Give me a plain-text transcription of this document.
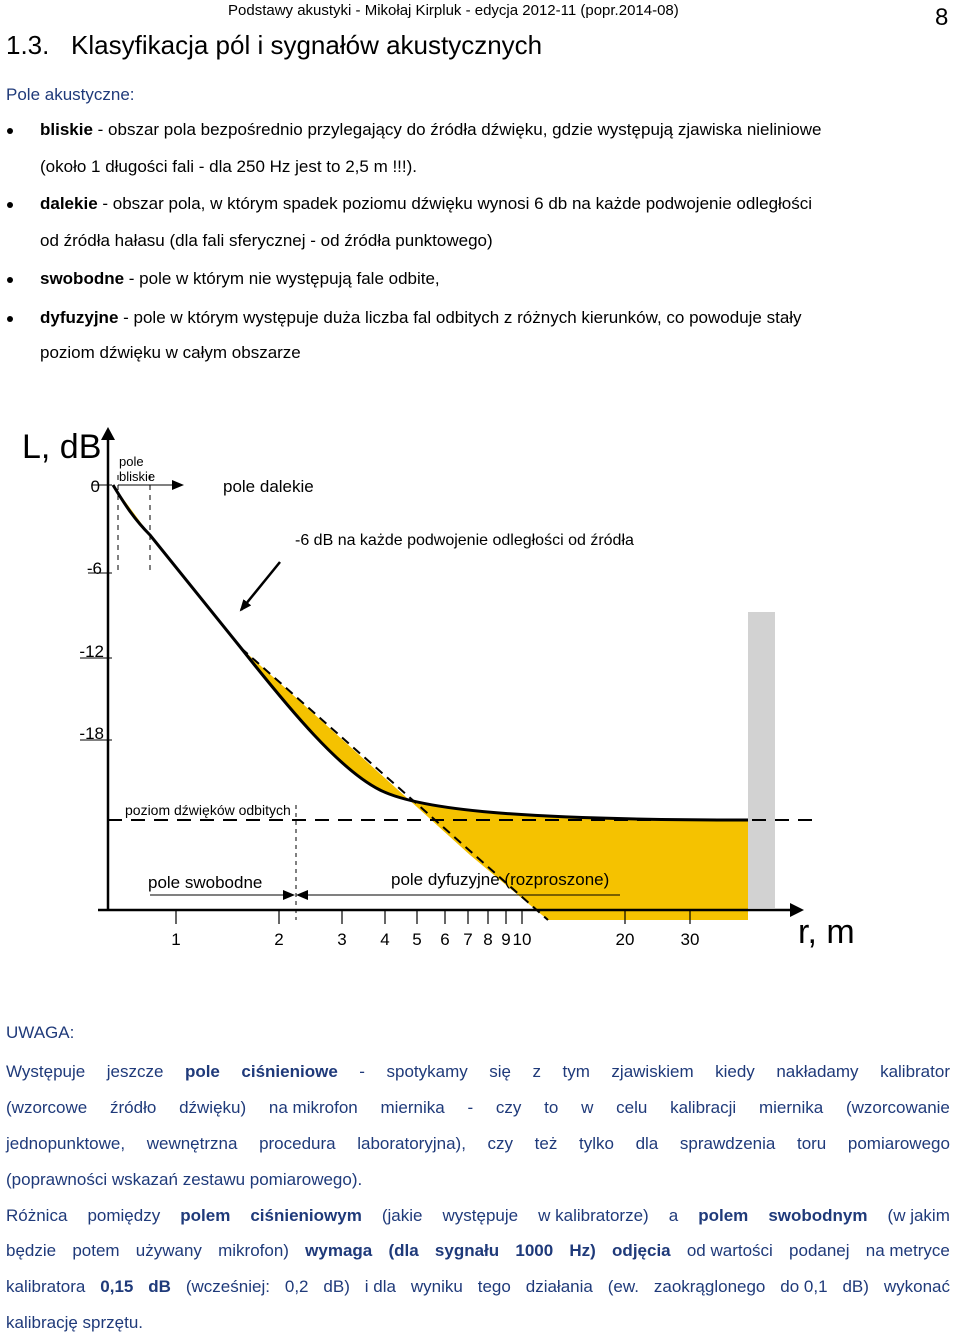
Podstawy akustyki - Mikołaj Kirpluk - edycja 2012-11 (popr.2014-08)	8
1.3. Klasyfikacja pól i sygnałów akustycznych
Pole akustyczne:
bliskie - obszar pola bezpośrednio przylegający do źródła dźwięku, gdzie występują zjawiska nieliniowe
(około 1 długości fali - dla 250 Hz jest to 2,5 m !!!).
dalekie - obszar pola, w którym spadek poziomu dźwięku wynosi 6 db na każde podwojenie odległości
od źródła hałasu (dla fali sferycznej - od źródła punktowego)
swobodne - pole w którym nie występują fale odbite,
dyfuzyjne - pole w którym występuje duża liczba fal odbitych z różnych kierunków, co powoduje stały
poziom dźwięku w całym obszarze
L, dB
r, m
0
-6
-12
-18
1	2	3 4 5 6 7 8 9 10	20	30
pole
bliskie
pole dalekie
-6 dB na każde podwojenie odległości od źródła
poziom dźwięków odbitych
pole swobodne	pole dyfuzyjne (rozproszone)
UWAGA:
Występuje jeszcze pole ciśnieniowe - spotykamy się z tym zjawiskiem kiedy nakładamy kalibrator
(wzorcowe źródło dźwięku) na mikrofon miernika - czy to w celu kalibracji miernika (wzorcowanie
jednopunktowe, wewnętrzna procedura laboratoryjna), czy też tylko dla sprawdzenia toru pomiarowego
(poprawności wskazań zestawu pomiarowego).
Różnica pomiędzy polem ciśnieniowym (jakie występuje w kalibratorze) a polem swobodnym (w jakim
będzie potem używany mikrofon) wymaga (dla sygnału 1000 Hz) odjęcia od wartości podanej na metryce
kalibratora 0,15 dB (wcześniej: 0,2 dB) i dla wyniku tego działania (ew. zaokrąglonego do 0,1 dB) wykonać
kalibrację sprzętu.
